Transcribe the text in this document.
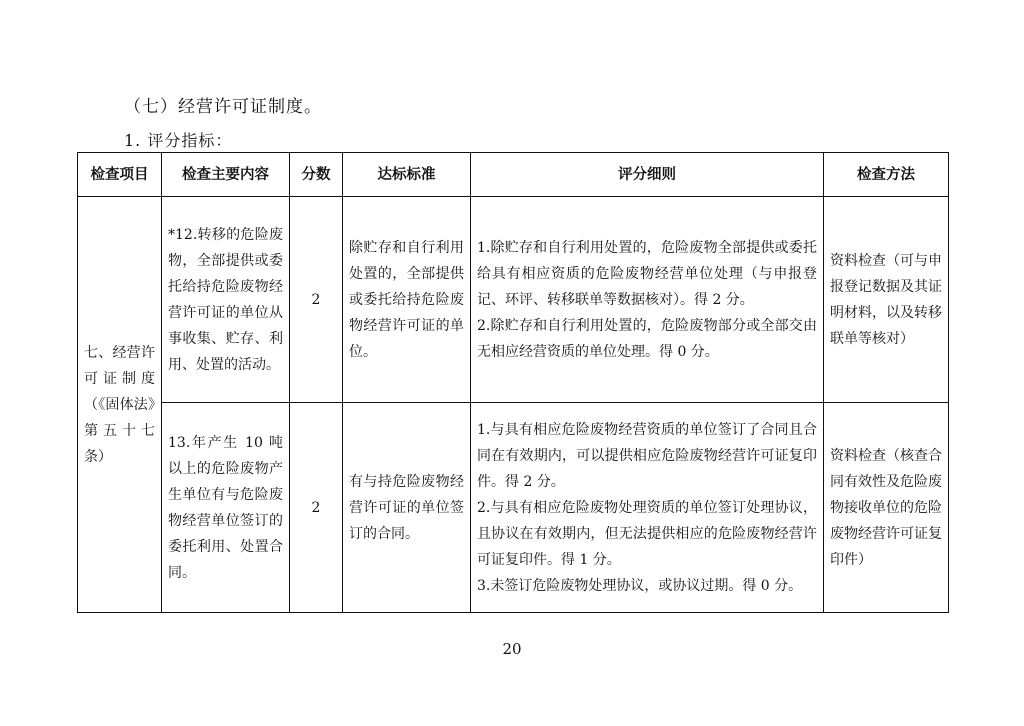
（七）经营许可证制度。
1. 评分指标：
检查项目	检查主要内容	分数	达标标准	评分细则	检查方法
七、经营许可证制度（《固体法》第五十七条）	*12.转移的危险废物，全部提供或委托给持危险废物经营许可证的单位从事收集、贮存、利用、处置的活动。	2	除贮存和自行利用处置的，全部提供或委托给持危险废物经营许可证的单位。	1.除贮存和自行利用处置的，危险废物全部提供或委托给具有相应资质的危险废物经营单位处理（与申报登记、环评、转移联单等数据核对）。得 2 分。
2.除贮存和自行利用处置的，危险废物部分或全部交由无相应经营资质的单位处理。得 0 分。	资料检查（可与申报登记数据及其证明材料，以及转移联单等核对）
	13.年产生 10 吨以上的危险废物产生单位有与危险废物经营单位签订的委托利用、处置合同。	2	有与持危险废物经营许可证的单位签订的合同。	1.与具有相应危险废物经营资质的单位签订了合同且合同在有效期内，可以提供相应危险废物经营许可证复印件。得 2 分。
2.与具有相应危险废物处理资质的单位签订处理协议，且协议在有效期内，但无法提供相应的危险废物经营许可证复印件。得 1 分。
3.未签订危险废物处理协议，或协议过期。得 0 分。	资料检查（核查合同有效性及危险废物接收单位的危险废物经营许可证复印件）
20
